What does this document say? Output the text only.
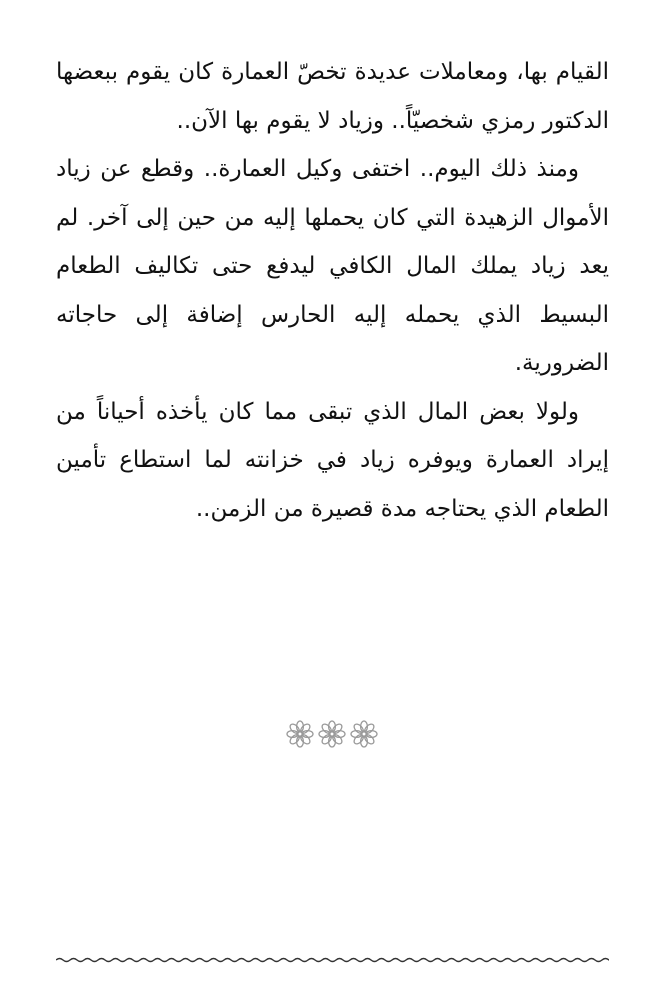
القيام بها، ومعاملات عديدة تخصّ العمارة كان يقوم ببعضها الدكتور رمزي شخصيّاً.. وزياد لا يقوم بها الآن..

ومنذ ذلك اليوم.. اختفى وكيل العمارة.. وقطع عن زياد الأموال الزهيدة التي كان يحملها إليه من حين إلى آخر. لم يعد زياد يملك المال الكافي ليدفع حتى تكاليف الطعام البسيط الذي يحمله إليه الحارس إضافة إلى حاجاته الضرورية.

ولولا بعض المال الذي تبقى مما كان يأخذه أحياناً من إيراد العمارة ويوفره زياد في خزانته لما استطاع تأمين الطعام الذي يحتاجه مدة قصيرة من الزمن..
